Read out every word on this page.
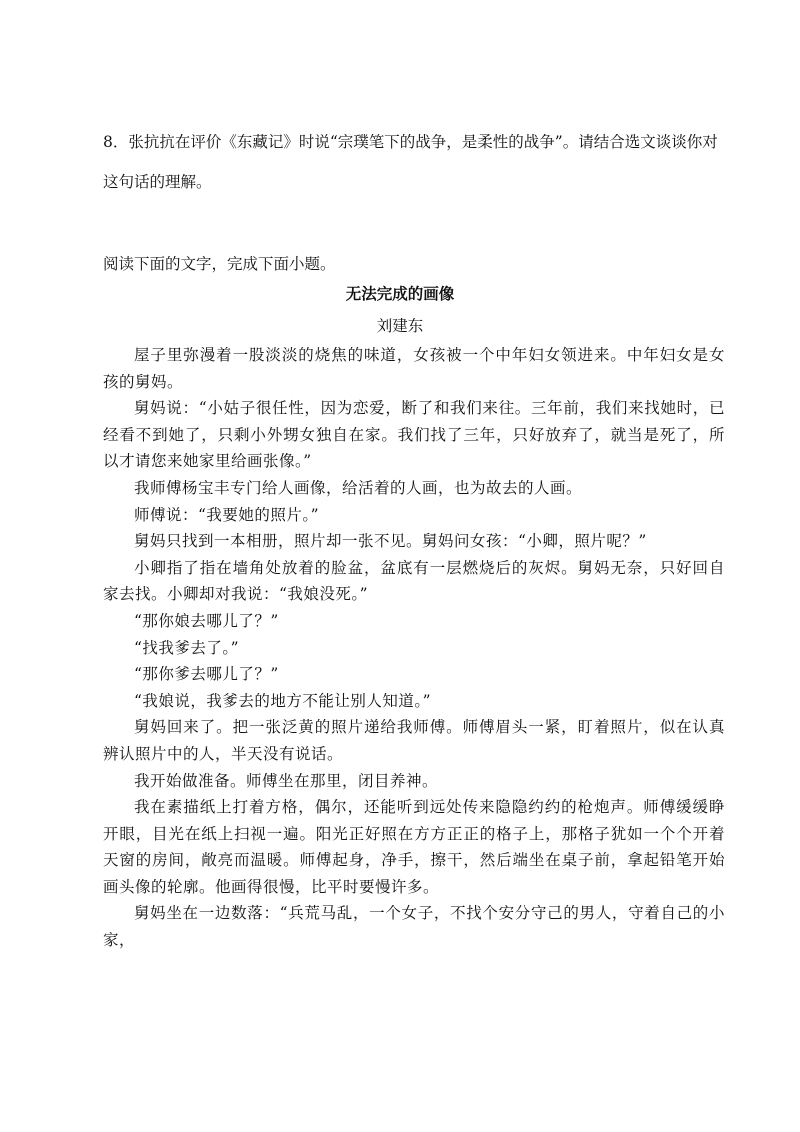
8．张抗抗在评价《东藏记》时说“宗璞笔下的战争，是柔性的战争”。请结合选文谈谈你对这句话的理解。

阅读下面的文字，完成下面小题。

无法完成的画像

刘建东

屋子里弥漫着一股淡淡的烧焦的味道，女孩被一个中年妇女领进来。中年妇女是女孩的舅妈。

舅妈说：“小姑子很任性，因为恋爱，断了和我们来往。三年前，我们来找她时，已经看不到她了，只剩小外甥女独自在家。我们找了三年，只好放弃了，就当是死了，所以才请您来她家里给画张像。”

我师傅杨宝丰专门给人画像，给活着的人画，也为故去的人画。

师傅说：“我要她的照片。”

舅妈只找到一本相册，照片却一张不见。舅妈问女孩：“小卿，照片呢？”

小卿指了指在墙角处放着的脸盆，盆底有一层燃烧后的灰烬。舅妈无奈，只好回自家去找。小卿却对我说：“我娘没死。”

“那你娘去哪儿了？”

“找我爹去了。”

“那你爹去哪儿了？”

“我娘说，我爹去的地方不能让别人知道。”

舅妈回来了。把一张泛黄的照片递给我师傅。师傅眉头一紧，盯着照片，似在认真辨认照片中的人，半天没有说话。

我开始做准备。师傅坐在那里，闭目养神。

我在素描纸上打着方格，偶尔，还能听到远处传来隐隐约约的枪炮声。师傅缓缓睁开眼，目光在纸上扫视一遍。阳光正好照在方方正正的格子上，那格子犹如一个个开着天窗的房间，敞亮而温暖。师傅起身，净手，擦干，然后端坐在桌子前，拿起铅笔开始画头像的轮廓。他画得很慢，比平时要慢许多。

舅妈坐在一边数落：“兵荒马乱，一个女子，不找个安分守己的男人，守着自己的小家，
